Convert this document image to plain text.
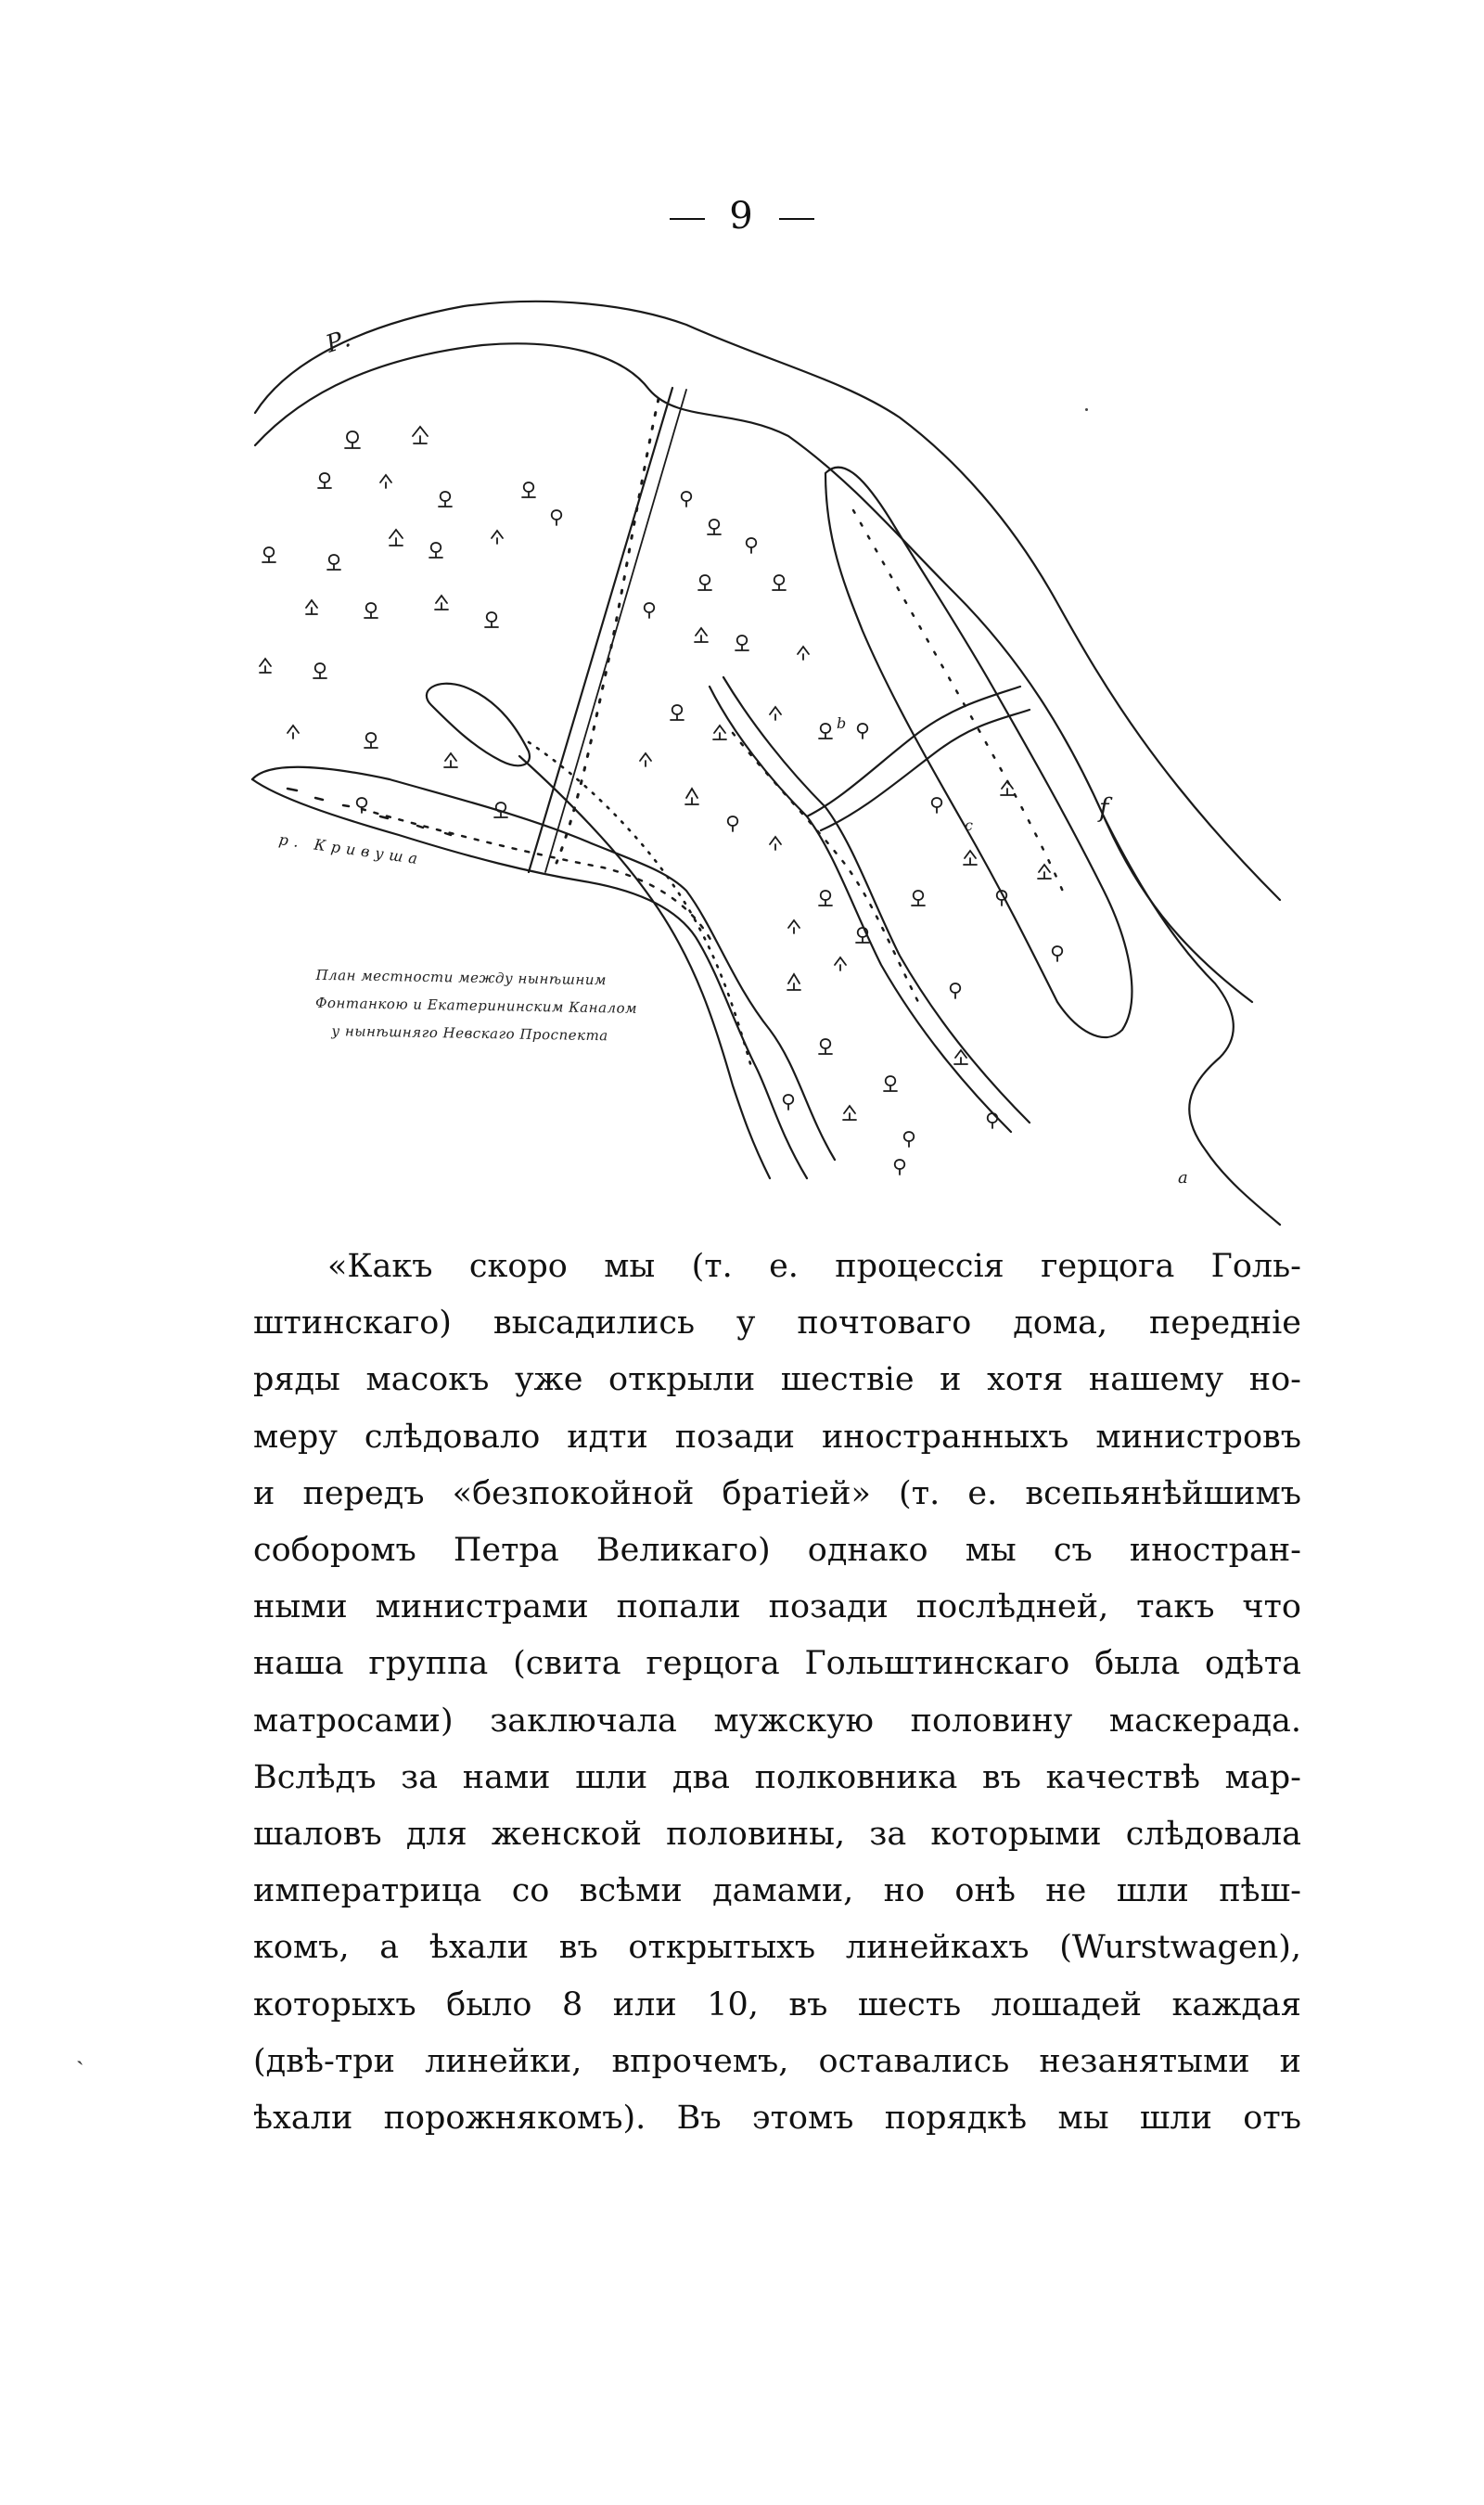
9
Р.
р. Кривуша
f
а
b
с
План местности между нынѣшним
Фонтанкою и Екатерининским Каналом
у нынѣшняго Невскаго Проспекта
«Какъ скоро мы (т. е. процессія герцога Голь-
штинскаго) высадились у почтоваго дома, переднiе
ряды масокъ уже открыли шествіе и хотя нашему но-
меру слѣдовало идти позади иностранныхъ министровъ
и передъ «безпокойной братіей» (т. е. всепьянѣйшимъ
соборомъ Петра Великаго) однако мы съ иностран-
ными министрами попали позади послѣдней, такъ что
наша группа (свита герцога Гольштинскаго была одѣта
матросами) заключала мужскую половину маскерада.
Вслѣдъ за нами шли два полковника въ качествѣ мар-
шаловъ для женской половины, за которыми слѣдовала
императрица со всѣми дамами, но онѣ не шли пѣш-
комъ, а ѣхали въ открытыхъ линейкахъ (Wurstwagen),
которыхъ было 8 или 10, въ шесть лошадей каждая
(двѣ-три линейки, впрочемъ, оставались незанятыми и
ѣхали порожнякомъ). Въ этомъ порядкѣ мы шли отъ
ˏ
